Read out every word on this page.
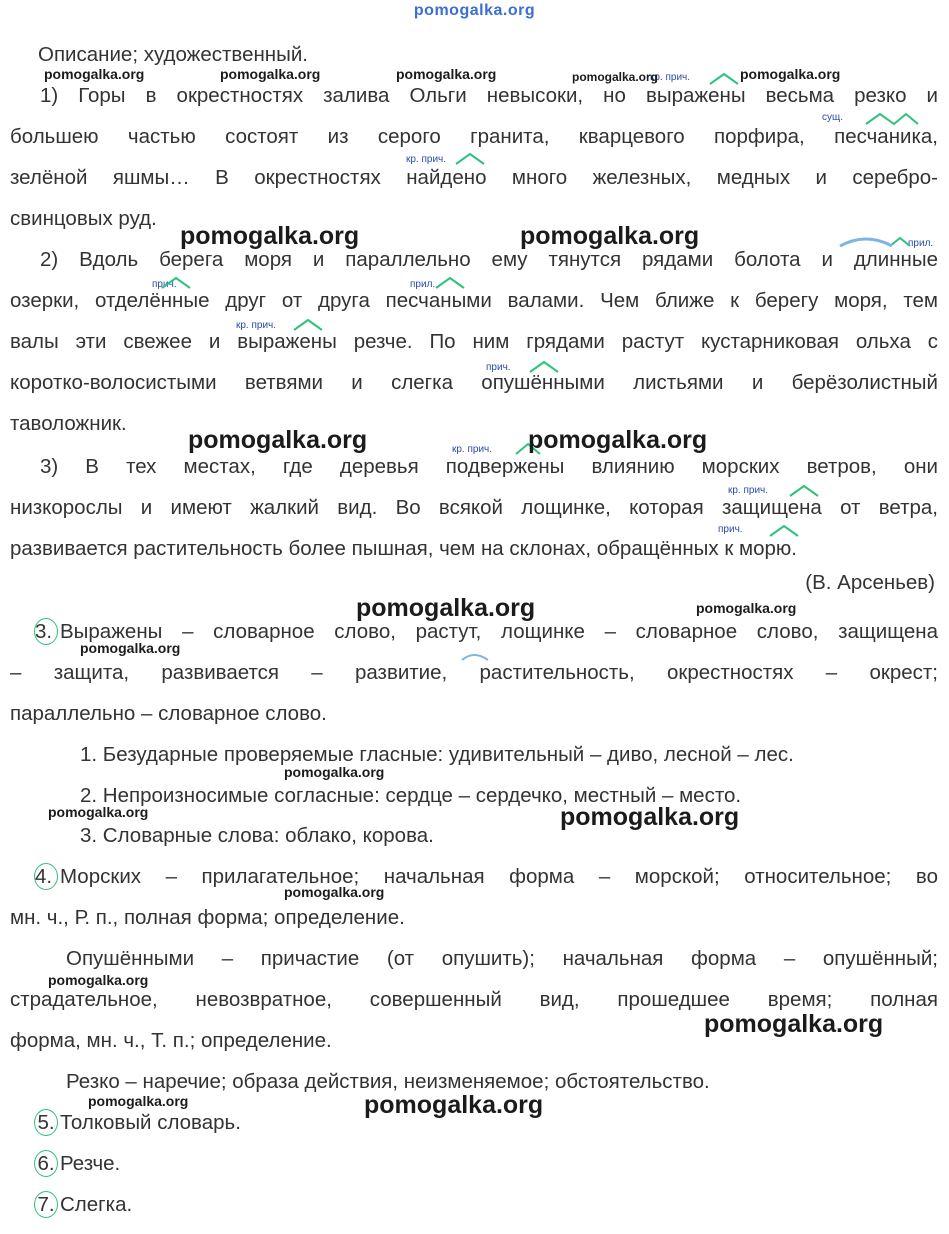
pomogalka.org
Описание; художественный.
1) Горы в окрестностях залива Ольги невысоки, но выражены весьма резко и
большею частью состоят из серого гранита, кварцевого порфира, песчаника,
зелёной яшмы… В окрестностях найдено много железных, медных и серебро-
свинцовых руд.
2) Вдоль берега моря и параллельно ему тянутся рядами болота и длинные
озерки, отделённые друг от друга песчаными валами. Чем ближе к берегу моря, тем
валы эти свежее и выражены резче. По ним грядами растут кустарниковая ольха с
коротко-волосистыми ветвями и слегка опушёнными листьями и берёзолистный
таволожник.
3) В тех местах, где деревья подвержены влиянию морских ветров, они
низкорослы и имеют жалкий вид. Во всякой лощинке, которая защищена от ветра,
развивается растительность более пышная, чем на склонах, обращённых к морю.
(В. Арсеньев)
3. Выражены – словарное слово, растут, лощинке – словарное слово, защищена
– защита, развивается – развитие, растительность, окрестностях – окрест;
параллельно – словарное слово.
1. Безударные проверяемые гласные: удивительный – диво, лесной – лес.
2. Непроизносимые согласные: сердце – сердечко, местный – место.
3. Словарные слова: облако, корова.
4. Морских – прилагательное; начальная форма – морской; относительное; во
мн. ч., Р. п., полная форма; определение.
Опушёнными – причастие (от опушить); начальная форма – опушённый;
страдательное, невозвратное, совершенный вид, прошедшее время; полная
форма, мн. ч., Т. п.; определение.
Резко – наречие; образа действия, неизменяемое; обстоятельство.
5. Толковый словарь.
6. Резче.
7. Слегка.
кр. прич.
сущ.
кр. прич.
прил.
прич.	прил.
кр. прич.
прич.
кр. прич.
кр. прич.
прич.
pomogalka.org	pomogalka.org	pomogalka.org	pomogalka.org	pomogalka.org
pomogalka.org	pomogalka.org
pomogalka.org	pomogalka.org
pomogalka.org	pomogalka.org
pomogalka.org
pomogalka.org
pomogalka.org	pomogalka.org
pomogalka.org
pomogalka.org
pomogalka.org
pomogalka.org	pomogalka.org
